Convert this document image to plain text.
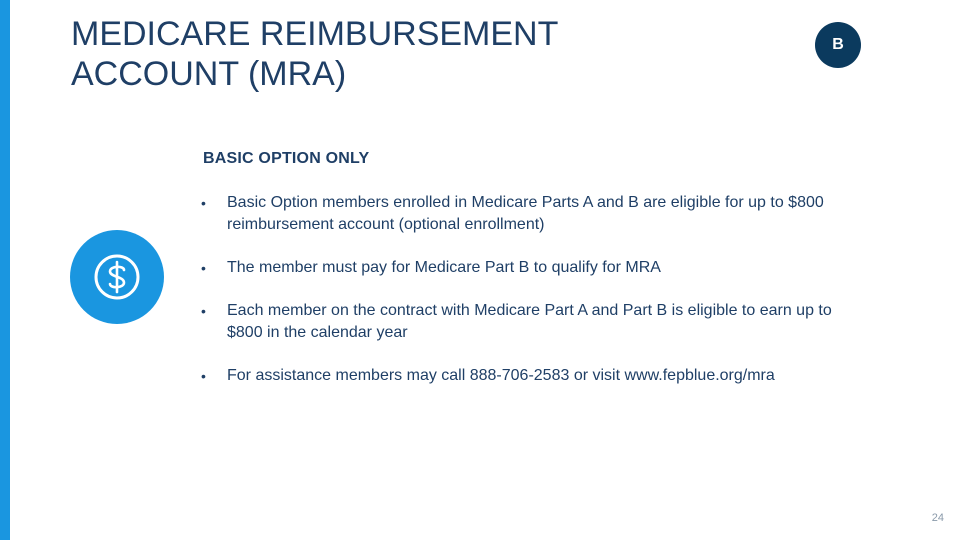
MEDICARE REIMBURSEMENT
ACCOUNT (MRA)
B
BASIC OPTION ONLY
•	Basic Option members enrolled in Medicare Parts A and B are eligible for up to $800 reimbursement account (optional enrollment)
•	The member must pay for Medicare Part B to qualify for MRA
•	Each member on the contract with Medicare Part A and Part B is eligible to earn up to $800 in the calendar year
•	For assistance members may call 888-706-2583 or visit www.fepblue.org/mra
24
